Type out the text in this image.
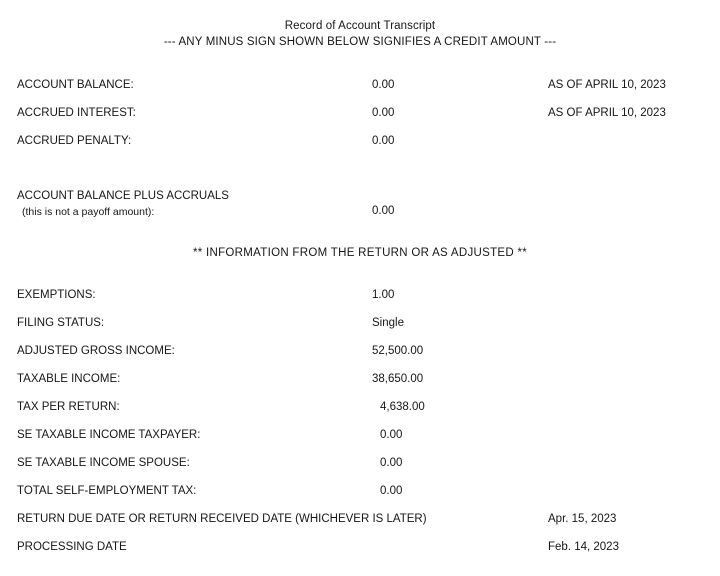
Record of Account Transcript
--- ANY MINUS SIGN SHOWN BELOW SIGNIFIES A CREDIT AMOUNT ---
ACCOUNT BALANCE:	0.00	AS OF APRIL 10, 2023
ACCRUED INTEREST:	0.00	AS OF APRIL 10, 2023
ACCRUED PENALTY:	0.00
ACCOUNT BALANCE PLUS ACCRUALS
(this is not a payoff amount):	0.00
** INFORMATION FROM THE RETURN OR AS ADJUSTED **
EXEMPTIONS:	1.00
FILING STATUS:	Single
ADJUSTED GROSS INCOME:	52,500.00
TAXABLE INCOME:	38,650.00
TAX PER RETURN:	4,638.00
SE TAXABLE INCOME TAXPAYER:	0.00
SE TAXABLE INCOME SPOUSE:	0.00
TOTAL SELF-EMPLOYMENT TAX:	0.00
RETURN DUE DATE OR RETURN RECEIVED DATE (WHICHEVER IS LATER)	Apr. 15, 2023
PROCESSING DATE	Feb. 14, 2023
